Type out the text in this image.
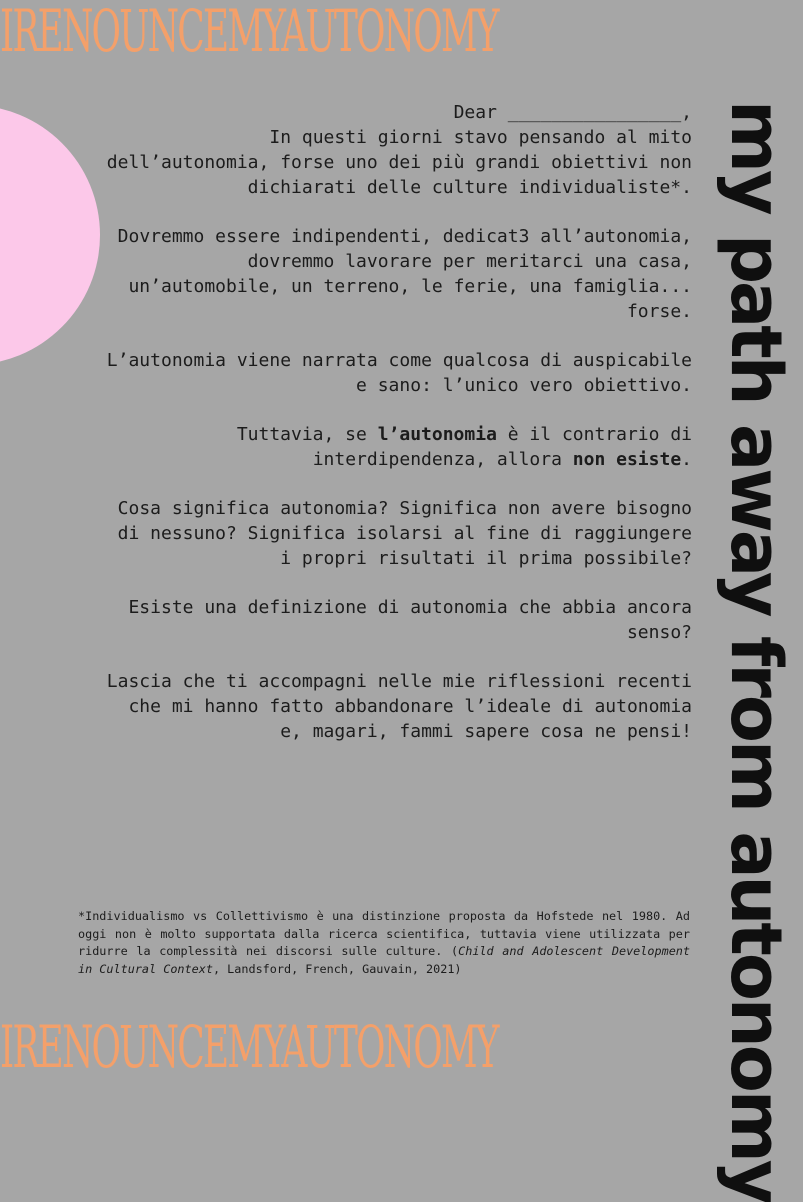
IRENOUNCEMYAUTONOMY

Dear ________________,

In questi giorni stavo pensando al mito dell’autonomia, forse uno dei più grandi obiettivi non dichiarati delle culture individualiste*.

Dovremmo essere indipendenti, dedicat3 all’autonomia, dovremmo lavorare per meritarci una casa, un’automobile, un terreno, le ferie, una famiglia... forse.

L’autonomia viene narrata come qualcosa di auspicabile e sano: l’unico vero obiettivo.

Tuttavia, se l’autonomia è il contrario di interdipendenza, allora non esiste.

Cosa significa autonomia? Significa non avere bisogno di nessuno? Significa isolarsi al fine di raggiungere i propri risultati il prima possibile?

Esiste una definizione di autonomia che abbia ancora senso?

Lascia che ti accompagni nelle mie riflessioni recenti che mi hanno fatto abbandonare l’ideale di autonomia e, magari, fammi sapere cosa ne pensi! my path away from autonomy
*Individualismo vs Collettivismo è una distinzione proposta da Hofstede nel 1980. Ad oggi non è molto supportata dalla ricerca scientifica, tuttavia viene utilizzata per ridurre la complessità nei discorsi sulle culture. (Child and Adolescent Development in Cultural Context, Landsford, French, Gauvain, 2021)
IRENOUNCEMYAUTONOMY
